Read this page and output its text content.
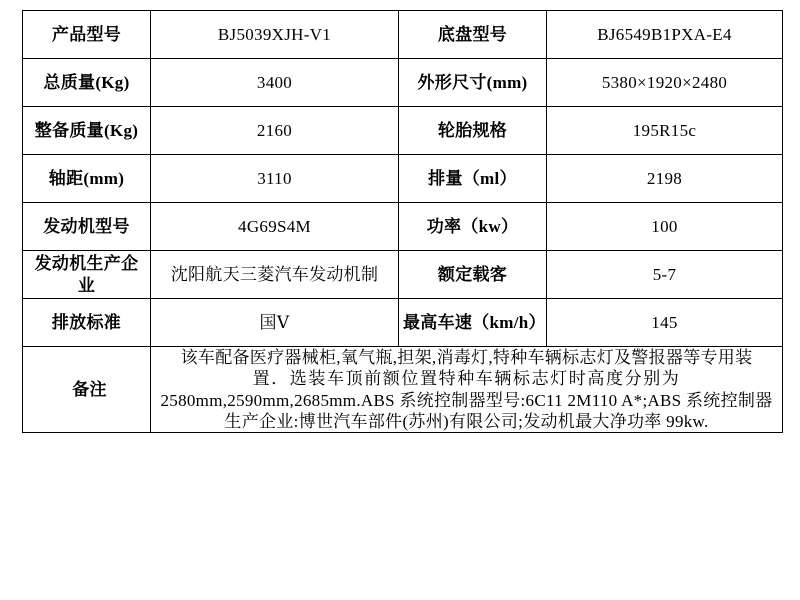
产品型号	BJ5039XJH-V1	底盘型号	BJ6549B1PXA-E4
总质量(Kg)	3400	外形尺寸(mm)	5380×1920×2480
整备质量(Kg)	2160	轮胎规格	195R15c
轴距(mm)	3110	排量（ml）	2198
发动机型号	4G69S4M	功率（kw）	100
发动机生产企业	沈阳航天三菱汽车发动机制	额定载客	5-7
排放标准	国Ⅴ	最高车速（km/h）	145
备注	该车配备医疗器械柜,氧气瓶,担架,消毒灯,特种车辆标志灯及警报器等专用装
置．选装车顶前额位置特种车辆标志灯时高度分别为
2580mm,2590mm,2685mm.ABS 系统控制器型号:6C11 2M110 A*;ABS 系统控制器
生产企业:博世汽车部件(苏州)有限公司;发动机最大净功率 99kw.		
